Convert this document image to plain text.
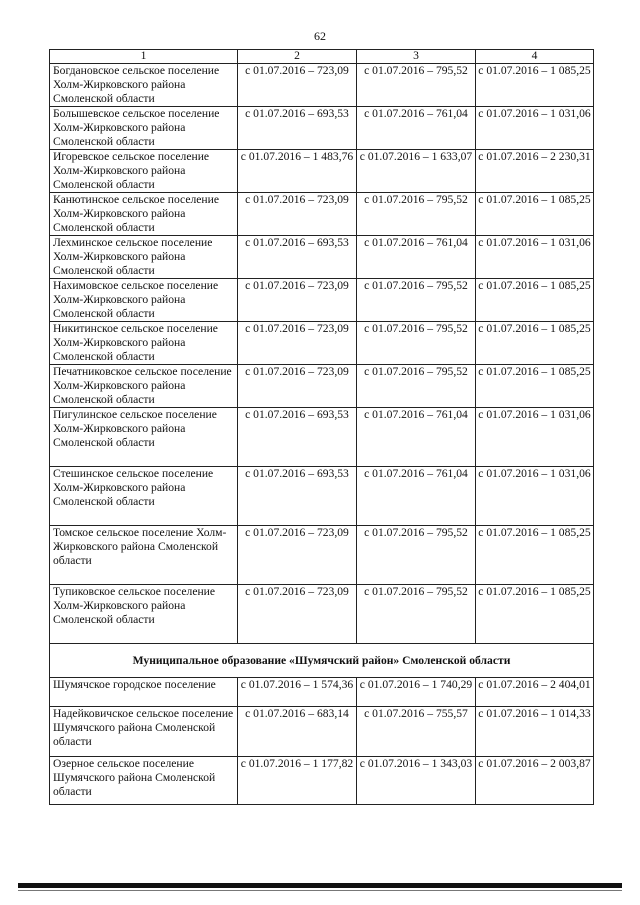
62
1	2	3	4
Богдановское сельское поселение Холм-Жирковского района Смоленской области	с 01.07.2016 – 723,09	с 01.07.2016 – 795,52	с 01.07.2016 – 1 085,25
Болышевское сельское поселение Холм-Жирковского района Смоленской области	с 01.07.2016 – 693,53	с 01.07.2016 – 761,04	с 01.07.2016 – 1 031,06
Игоревское сельское поселение Холм-Жирковского района Смоленской области	с 01.07.2016 – 1 483,76	с 01.07.2016 – 1 633,07	с 01.07.2016 – 2 230,31
Канютинское сельское поселение Холм-Жирковского района Смоленской области	с 01.07.2016 – 723,09	с 01.07.2016 – 795,52	с 01.07.2016 – 1 085,25
Лехминское сельское поселение Холм-Жирковского района Смоленской области	с 01.07.2016 – 693,53	с 01.07.2016 – 761,04	с 01.07.2016 – 1 031,06
Нахимовское сельское поселение Холм-Жирковского района Смоленской области	с 01.07.2016 – 723,09	с 01.07.2016 – 795,52	с 01.07.2016 – 1 085,25
Никитинское сельское поселение Холм-Жирковского района Смоленской области	с 01.07.2016 – 723,09	с 01.07.2016 – 795,52	с 01.07.2016 – 1 085,25
Печатниковское сельское поселение Холм-Жирковского района Смоленской области	с 01.07.2016 – 723,09	с 01.07.2016 – 795,52	с 01.07.2016 – 1 085,25
Пигулинское сельское поселение Холм-Жирковского района Смоленской области	с 01.07.2016 – 693,53	с 01.07.2016 – 761,04	с 01.07.2016 – 1 031,06
Стешинское сельское поселение Холм-Жирковского района Смоленской области	с 01.07.2016 – 693,53	с 01.07.2016 – 761,04	с 01.07.2016 – 1 031,06
Томское сельское поселение Холм-Жирковского района Смоленской области	с 01.07.2016 – 723,09	с 01.07.2016 – 795,52	с 01.07.2016 – 1 085,25
Тупиковское сельское поселение Холм-Жирковского района Смоленской области	с 01.07.2016 – 723,09	с 01.07.2016 – 795,52	с 01.07.2016 – 1 085,25
Муниципальное образование «Шумячский район» Смоленской области			
Шумячское городское поселение	с 01.07.2016 – 1 574,36	с 01.07.2016 – 1 740,29	с 01.07.2016 – 2 404,01
Надейковичское сельское поселение Шумячского района Смоленской области	с 01.07.2016 – 683,14	с 01.07.2016 – 755,57	с 01.07.2016 – 1 014,33
Озерное сельское поселение Шумячского района Смоленской области	с 01.07.2016 – 1 177,82	с 01.07.2016 – 1 343,03	с 01.07.2016 – 2 003,87
